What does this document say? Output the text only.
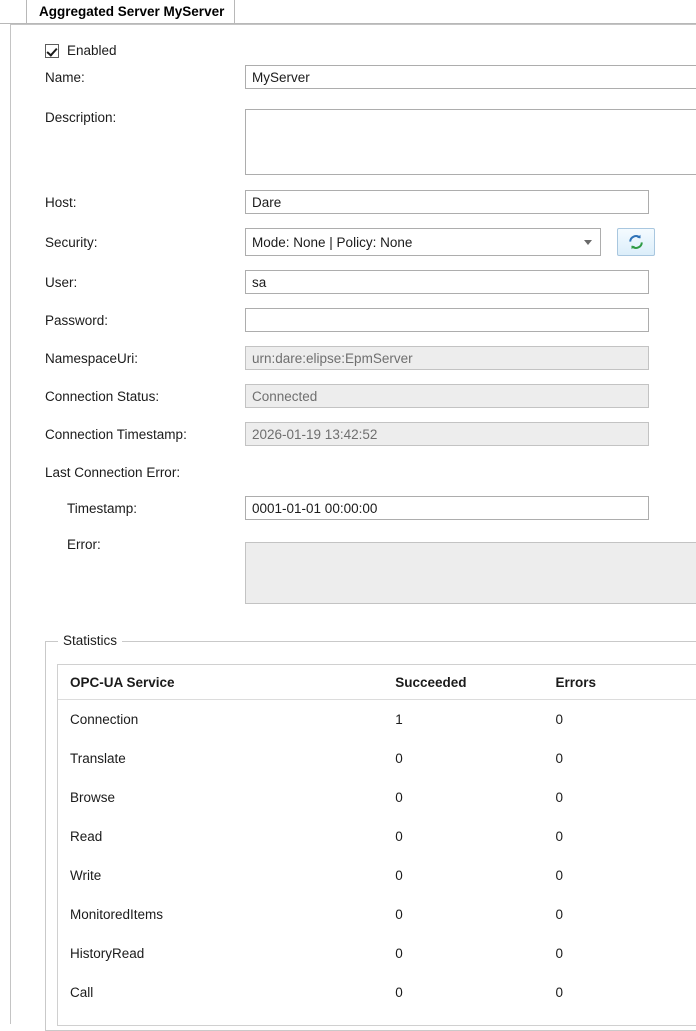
Aggregated Server MyServer
Enabled
Name:	MyServer
Description:
Host:	Dare
Security:	Mode: None | Policy: None
User:	sa
Password:
NamespaceUri:	urn:dare:elipse:EpmServer
Connection Status:	Connected
Connection Timestamp:	2026-01-19 13:42:52
Last Connection Error:
Timestamp:	0001-01-01 00:00:00
Error:
Statistics
OPC-UA Service	Succeeded	Errors
Connection	1	0
Translate	0	0
Browse	0	0
Read	0	0
Write	0	0
MonitoredItems	0	0
HistoryRead	0	0
Call	0	0
